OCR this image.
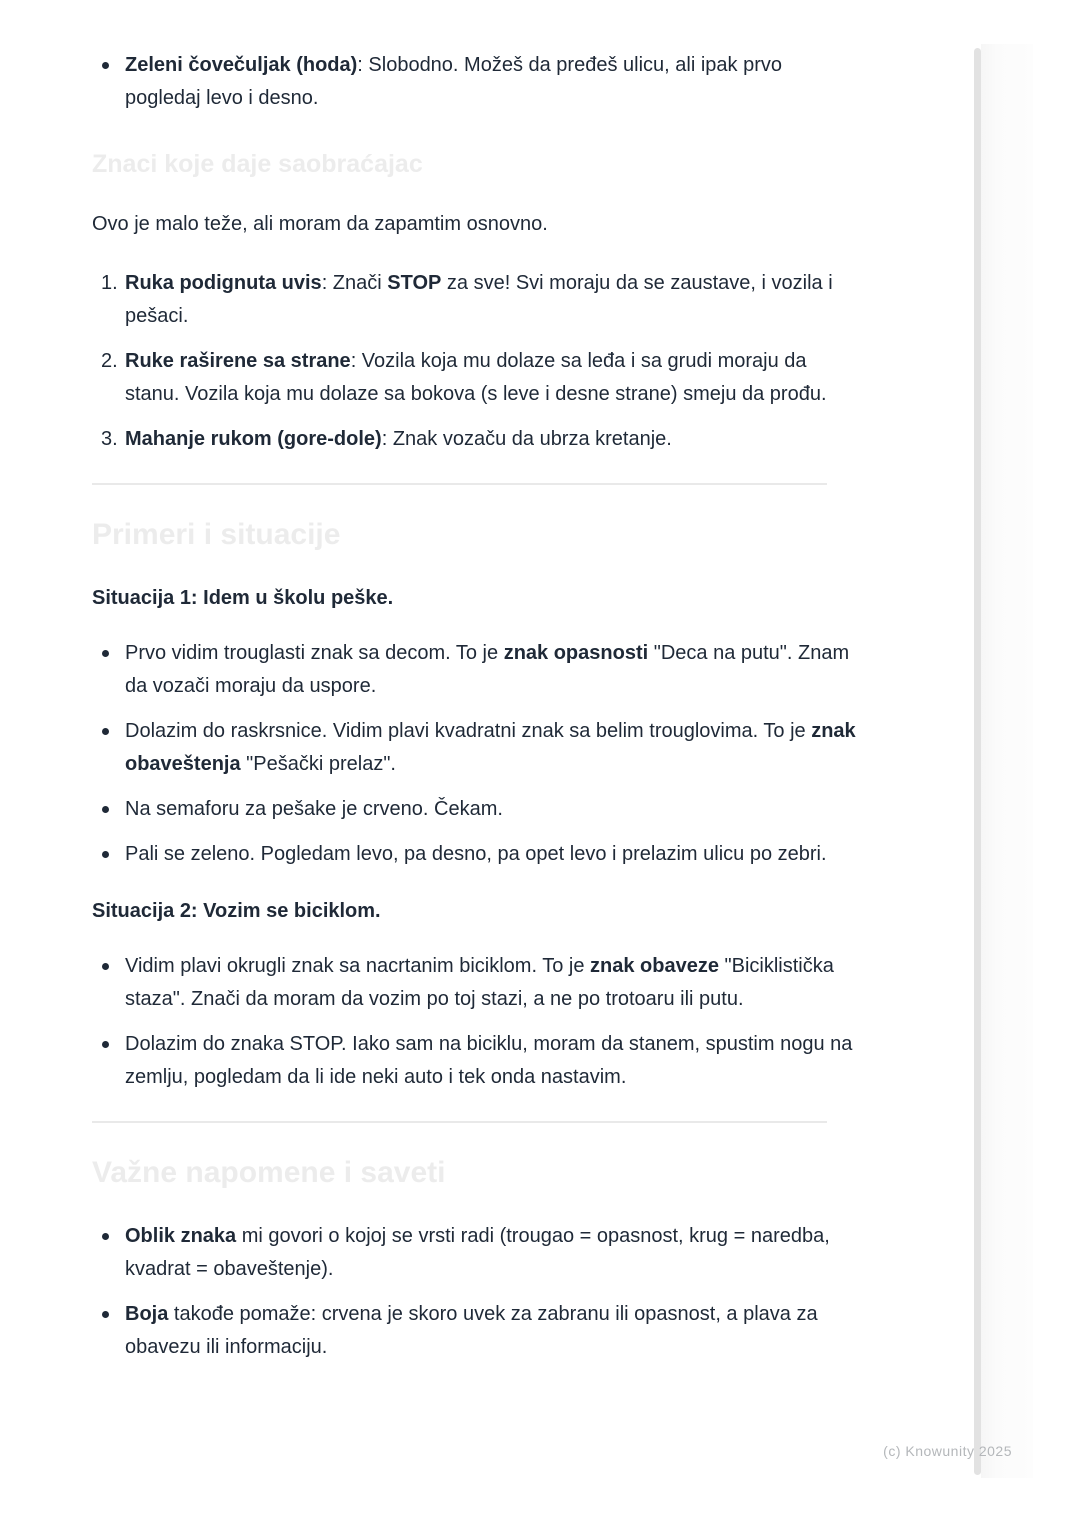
Zeleni čovečuljak (hoda): Slobodno. Možeš da pređeš ulicu, ali ipak prvo pogledaj levo i desno.
Znaci koje daje saobraćajac

Ovo je malo teže, ali moram da zapamtim osnovno.

Ruka podignuta uvis: Znači STOP za sve! Svi moraju da se zaustave, i vozila i pešaci.
Ruke raširene sa strane: Vozila koja mu dolaze sa leđa i sa grudi moraju da stanu. Vozila koja mu dolaze sa bokova (s leve i desne strane) smeju da prođu.
Mahanje rukom (gore-dole): Znak vozaču da ubrza kretanje.
Primeri i situacije

Situacija 1: Idem u školu peške.

Prvo vidim trouglasti znak sa decom. To je znak opasnosti "Deca na putu". Znam da vozači moraju da uspore.
Dolazim do raskrsnice. Vidim plavi kvadratni znak sa belim trouglovima. To je znak obaveštenja "Pešački prelaz".
Na semaforu za pešake je crveno. Čekam.
Pali se zeleno. Pogledam levo, pa desno, pa opet levo i prelazim ulicu po zebri.

Situacija 2: Vozim se biciklom.

Vidim plavi okrugli znak sa nacrtanim biciklom. To je znak obaveze "Biciklistička staza". Znači da moram da vozim po toj stazi, a ne po trotoaru ili putu.
Dolazim do znaka STOP. Iako sam na biciklu, moram da stanem, spustim nogu na zemlju, pogledam da li ide neki auto i tek onda nastavim.
Važne napomene i saveti
Oblik znaka mi govori o kojoj se vrsti radi (trougao = opasnost, krug = naredba, kvadrat = obaveštenje).
Boja takođe pomaže: crvena je skoro uvek za zabranu ili opasnost, a plava za obavezu ili informaciju.
(c) Knowunity 2025
